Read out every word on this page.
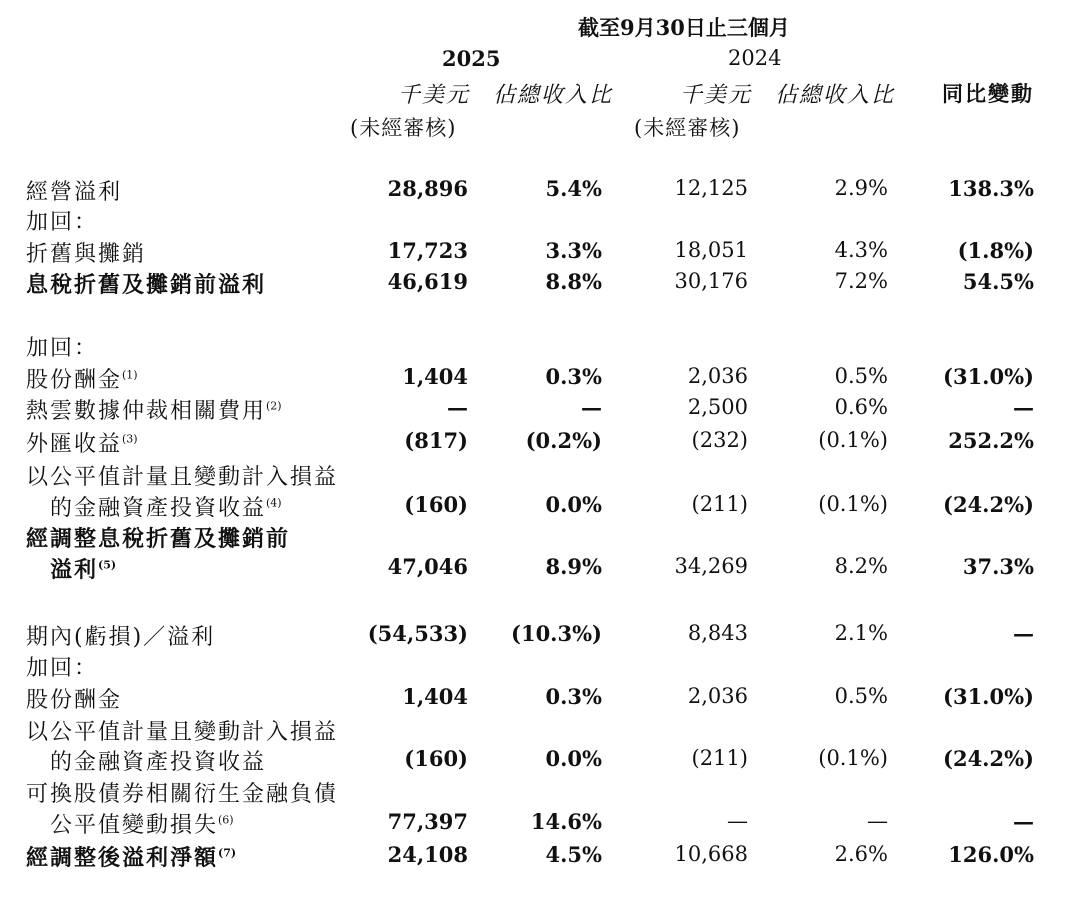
截至9月30日止三個月
2025	2024
千美元 佔總收入比	千美元 佔總收入比 同比變動
(未經審核)	(未經審核)
經營溢利	28,896	5.4%	12,125	2.9%	138.3%
加回：
折舊與攤銷	17,723	3.3%	18,051	4.3%	(1.8%)
息稅折舊及攤銷前溢利	46,619	8.8%	30,176	7.2%	54.5%
加回：
股份酬金$^{(1)}$	1,404	0.3%	2,036	0.5%	(31.0%)
熱雲數據仲裁相關費用$^{(2)}$	—	—	2,500	0.6%	—
外匯收益$^{(3)}$	(817)	(0.2%)	(232)	(0.1%)	252.2%
以公平值計量且變動計入損益
的金融資產投資收益$^{(4)}$	(160)	0.0%	(211)	(0.1%)	(24.2%)
經調整息稅折舊及攤銷前
溢利$^{(5)}$	47,046	8.9%	34,269	8.2%	37.3%
期內(虧損)／溢利	(54,533) (10.3%)	8,843	2.1%	—
加回：
股份酬金	1,404	0.3%	2,036	0.5%	(31.0%)
以公平值計量且變動計入損益
的金融資產投資收益	(160)	0.0%	(211)	(0.1%)	(24.2%)
可換股債券相關衍生金融負債
公平值變動損失$^{(6)}$	77,397	14.6%	—	—	—
經調整後溢利淨額$^{(7)}$	24,108	4.5%	10,668	2.6%	126.0%
